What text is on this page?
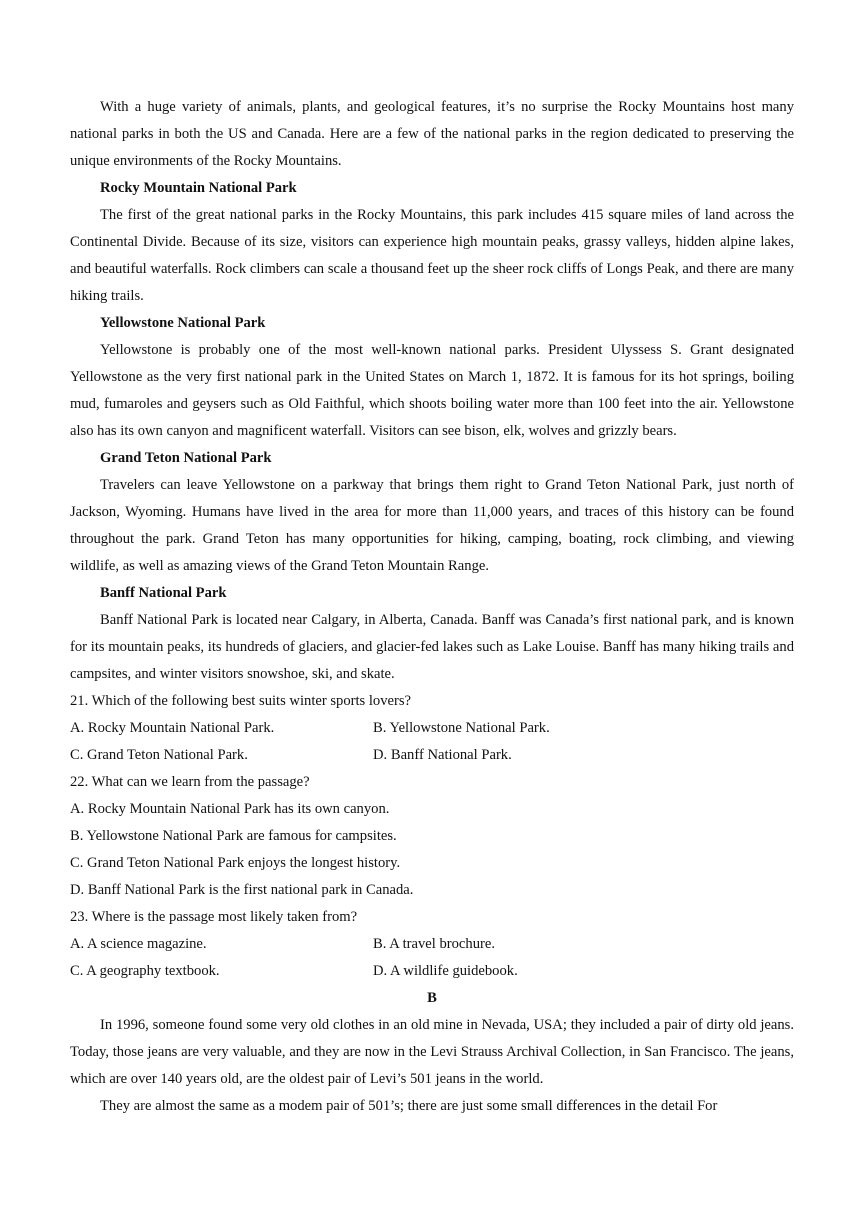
With a huge variety of animals, plants, and geological features, it’s no surprise the Rocky Mountains host many national parks in both the US and Canada. Here are a few of the national parks in the region dedicated to preserving the unique environments of the Rocky Mountains.

Rocky Mountain National Park

The first of the great national parks in the Rocky Mountains, this park includes 415 square miles of land across the Continental Divide. Because of its size, visitors can experience high mountain peaks, grassy valleys, hidden alpine lakes, and beautiful waterfalls. Rock climbers can scale a thousand feet up the sheer rock cliffs of Longs Peak, and there are many hiking trails.

Yellowstone National Park

Yellowstone is probably one of the most well-known national parks. President Ulyssess S. Grant designated Yellowstone as the very first national park in the United States on March 1, 1872. It is famous for its hot springs, boiling mud, fumaroles and geysers such as Old Faithful, which shoots boiling water more than 100 feet into the air. Yellowstone also has its own canyon and magnificent waterfall. Visitors can see bison, elk, wolves and grizzly bears.

Grand Teton National Park

Travelers can leave Yellowstone on a parkway that brings them right to Grand Teton National Park, just north of Jackson, Wyoming. Humans have lived in the area for more than 11,000 years, and traces of this history can be found throughout the park. Grand Teton has many opportunities for hiking, camping, boating, rock climbing, and viewing wildlife, as well as amazing views of the Grand Teton Mountain Range.

Banff National Park

Banff National Park is located near Calgary, in Alberta, Canada. Banff was Canada’s first national park, and is known for its mountain peaks, its hundreds of glaciers, and glacier-fed lakes such as Lake Louise. Banff has many hiking trails and campsites, and winter visitors snowshoe, ski, and skate.

21. Which of the following best suits winter sports lovers?

A. Rocky Mountain National Park.	B. Yellowstone National Park.
C. Grand Teton National Park.	D. Banff National Park.

22. What can we learn from the passage?

A. Rocky Mountain National Park has its own canyon.

B. Yellowstone National Park are famous for campsites.

C. Grand Teton National Park enjoys the longest history.

D. Banff National Park is the first national park in Canada.

23. Where is the passage most likely taken from?

A. A science magazine.	B. A travel brochure.
C. A geography textbook.	D. A wildlife guidebook.

B

In 1996, someone found some very old clothes in an old mine in Nevada, USA; they included a pair of dirty old jeans. Today, those jeans are very valuable, and they are now in the Levi Strauss Archival Collection, in San Francisco. The jeans, which are over 140 years old, are the oldest pair of Levi’s 501 jeans in the world.

They are almost the same as a modem pair of 501’s; there are just some small differences in the detail For
